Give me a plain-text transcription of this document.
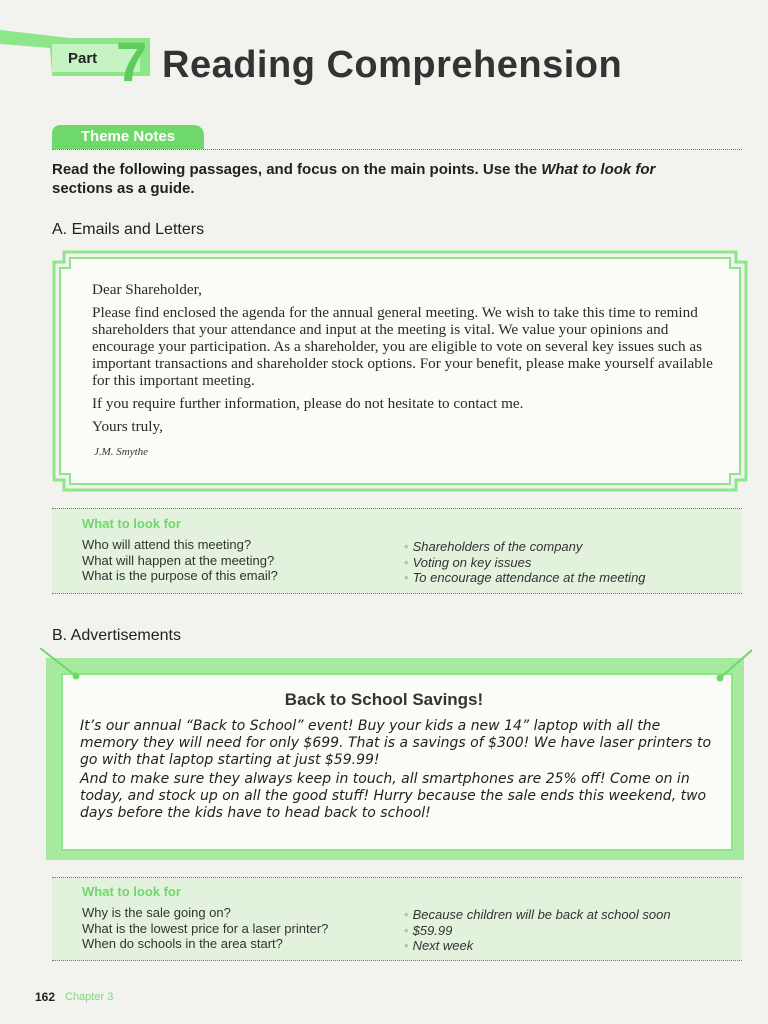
Part 7 Reading Comprehension
Theme Notes
Read the following passages, and focus on the main points. Use the What to look for sections as a guide.
A. Emails and Letters

Dear Shareholder,

Please find enclosed the agenda for the annual general meeting. We wish to take this time to remind shareholders that your attendance and input at the meeting is vital. We value your opinions and encourage your participation. As a shareholder, you are eligible to vote on several key issues such as important transactions and shareholder stock options. For your benefit, please make yourself available for this important meeting.

If you require further information, please do not hesitate to contact me.

Yours truly,

J.M. Smythe
What to look for
Who will attend this meeting?
What will happen at the meeting?
What is the purpose of this email?
• Shareholders of the company
• Voting on key issues
• To encourage attendance at the meeting
B. Advertisements
Back to School Savings!

It’s our annual “Back to School” event! Buy your kids a new 14” laptop with all the memory they will need for only $699. That is a savings of $300! We have laser printers to go with that laptop starting at just $59.99!

And to make sure they always keep in touch, all smartphones are 25% off! Come on in today, and stock up on all the good stuff! Hurry because the sale ends this weekend, two days before the kids have to head back to school!

What to look for
Why is the sale going on?
What is the lowest price for a laser printer?
When do schools in the area start?
• Because children will be back at school soon
• $59.99
• Next week
162 Chapter 3
